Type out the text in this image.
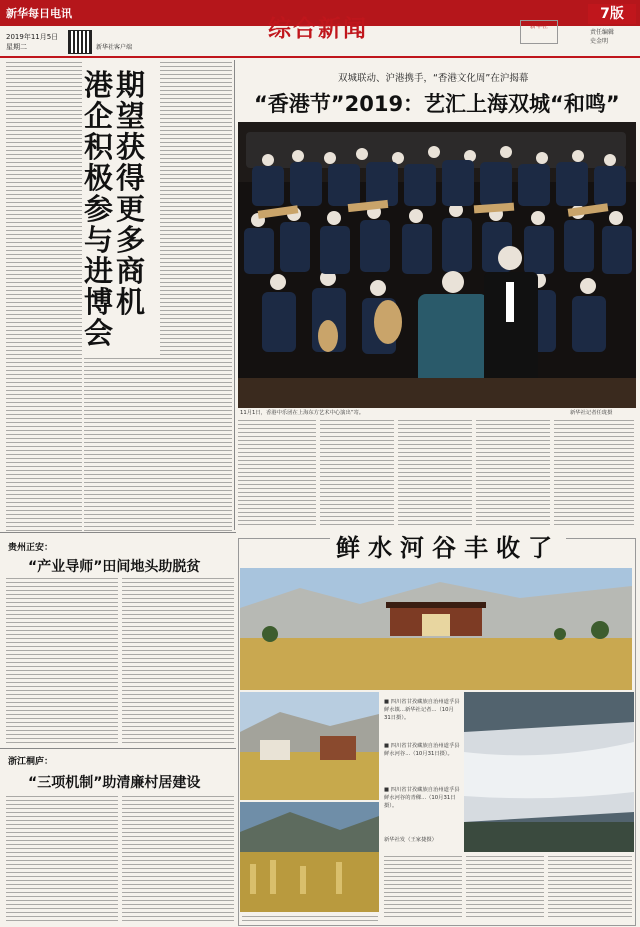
新华每日电讯
2019年11月5日
星期二	新华社客户端
综合新闻	新华社
7版
责任编辑
史金明
港企积极参与进博会
期望获得更多商机
双城联动、沪港携手，“香港文化周”在沪揭幕
“香港节”2019：艺汇上海双城“和鸣”
11月1日，香港中乐团在上海东方艺术中心演出“寄。	新华社记者任珑摄
贵州正安：
“产业导师”田间地头助脱贫
浙江桐庐：
“三项机制”助清廉村居建设
鲜水河谷丰收了
■ 四川省甘孜藏族自治州道孚县鲜水镇...新华社记者...（10月31日摄）。
■ 四川省甘孜藏族自治州道孚县鲜水河谷...（10月31日摄）。
■ 四川省甘孜藏族自治州道孚县鲜水河谷的青稞...（10月31日摄）。
新华社发（王家捷摄）
